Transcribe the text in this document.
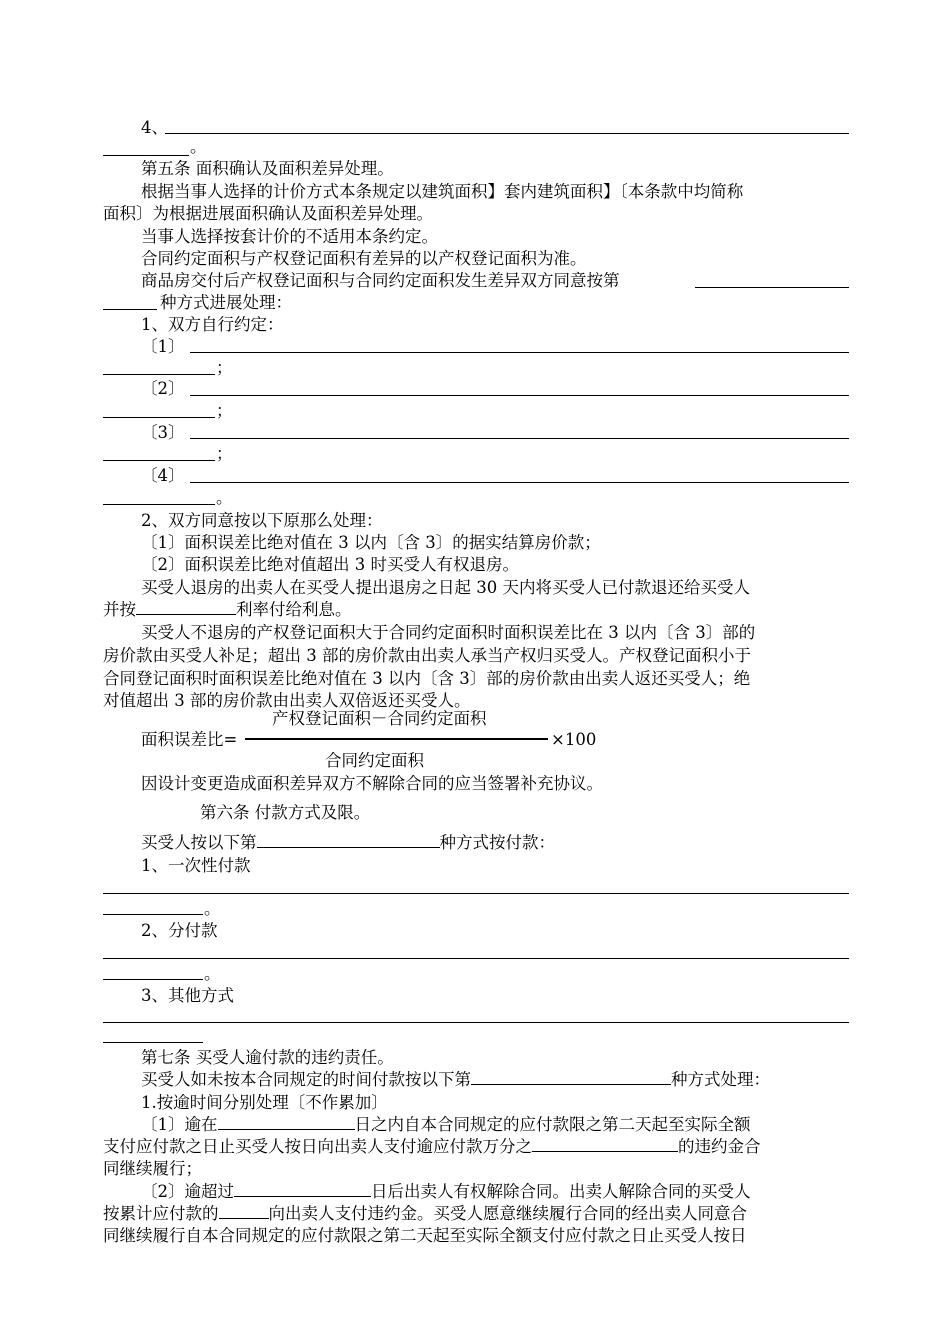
4、
。
第五条 面积确认及面积差异处理。
根据当事人选择的计价方式本条规定以建筑面积】套内建筑面积】〔本条款中均简称
面积〕为根据进展面积确认及面积差异处理。
当事人选择按套计价的不适用本条约定。
合同约定面积与产权登记面积有差异的以产权登记面积为准。
商品房交付后产权登记面积与合同约定面积发生差异双方同意按第
种方式进展处理：
1、双方自行约定：
〔1〕
；
〔2〕
；
〔3〕
；
〔4〕
。
2、双方同意按以下原那么处理：
〔1〕面积误差比绝对值在 3 以内〔含 3〕的据实结算房价款；
〔2〕面积误差比绝对值超出 3 时买受人有权退房。
买受人退房的出卖人在买受人提出退房之日起 30 天内将买受人已付款退还给买受人
并按	利率付给利息。
买受人不退房的产权登记面积大于合同约定面积时面积误差比在 3 以内〔含 3〕部的
房价款由买受人补足；超出 3 部的房价款由出卖人承当产权归买受人。产权登记面积小于
合同登记面积时面积误差比绝对值在 3 以内〔含 3〕部的房价款由出卖人返还买受人；绝
对值超出 3 部的房价款由出卖人双倍返还买受人。
产权登记面积－合同约定面积
面积误差比=	×100
合同约定面积
因设计变更造成面积差异双方不解除合同的应当签署补充协议。
第六条 付款方式及限。
买受人按以下第	种方式按付款：
1、一次性付款
。
2、分付款
。
3、其他方式
第七条 买受人逾付款的违约责任。
买受人如未按本合同规定的时间付款按以下第	种方式处理：
1.按逾时间分别处理〔不作累加〕
〔1〕逾在	日之内自本合同规定的应付款限之第二天起至实际全额
支付应付款之日止买受人按日向出卖人支付逾应付款万分之	的违约金合
同继续履行；
〔2〕逾超过	日后出卖人有权解除合同。出卖人解除合同的买受人
按累计应付款的	向出卖人支付违约金。买受人愿意继续履行合同的经出卖人同意合
同继续履行自本合同规定的应付款限之第二天起至实际全额支付应付款之日止买受人按日
